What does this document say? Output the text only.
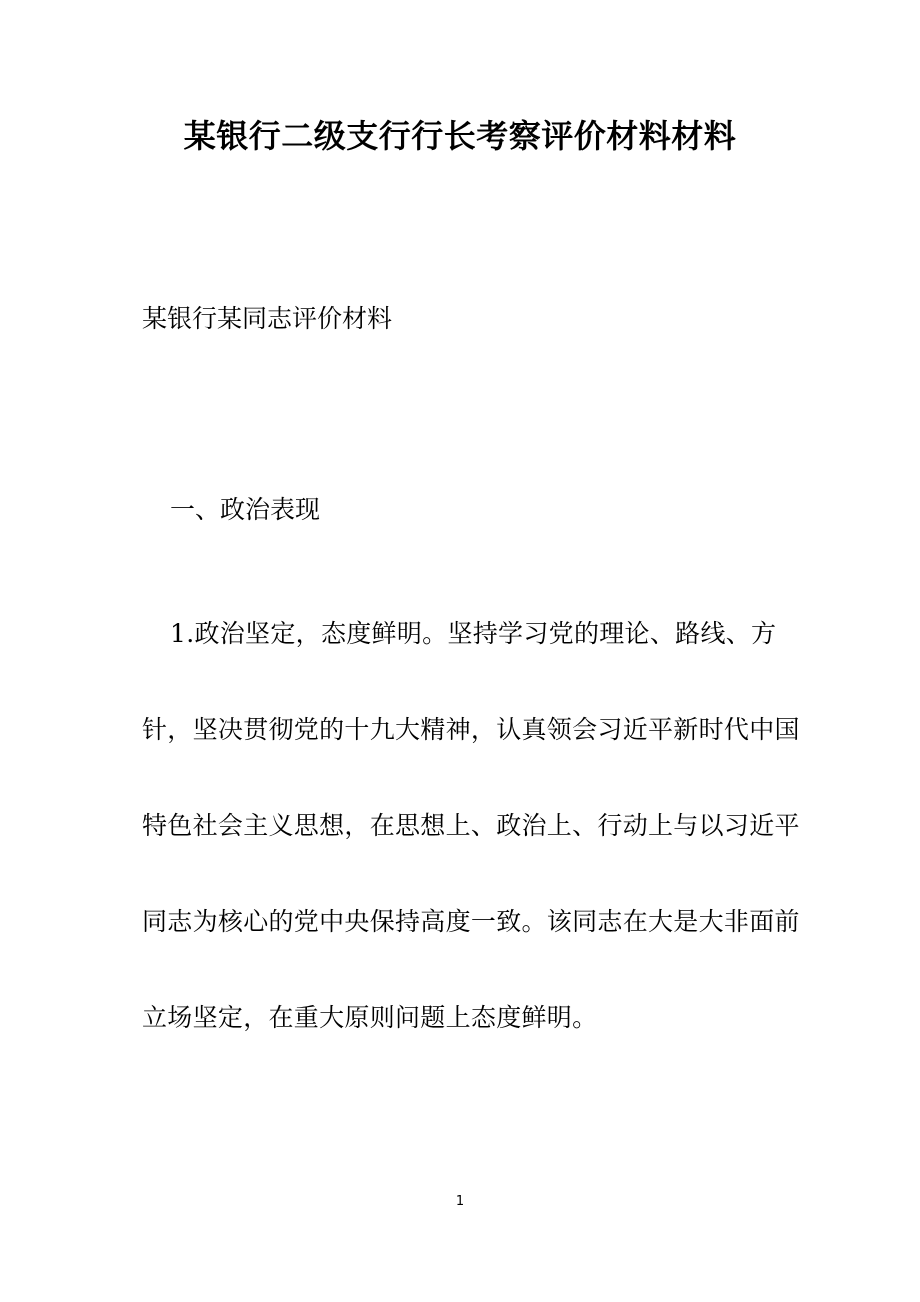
某银行二级支行行长考察评价材料材料

某银行某同志评价材料

一、政治表现

1.政治坚定，态度鲜明。坚持学习党的理论、路线、方针，坚决贯彻党的十九大精神，认真领会习近平新时代中国特色社会主义思想，在思想上、政治上、行动上与以习近平同志为核心的党中央保持高度一致。该同志在大是大非面前立场坚定，在重大原则问题上态度鲜明。

1
